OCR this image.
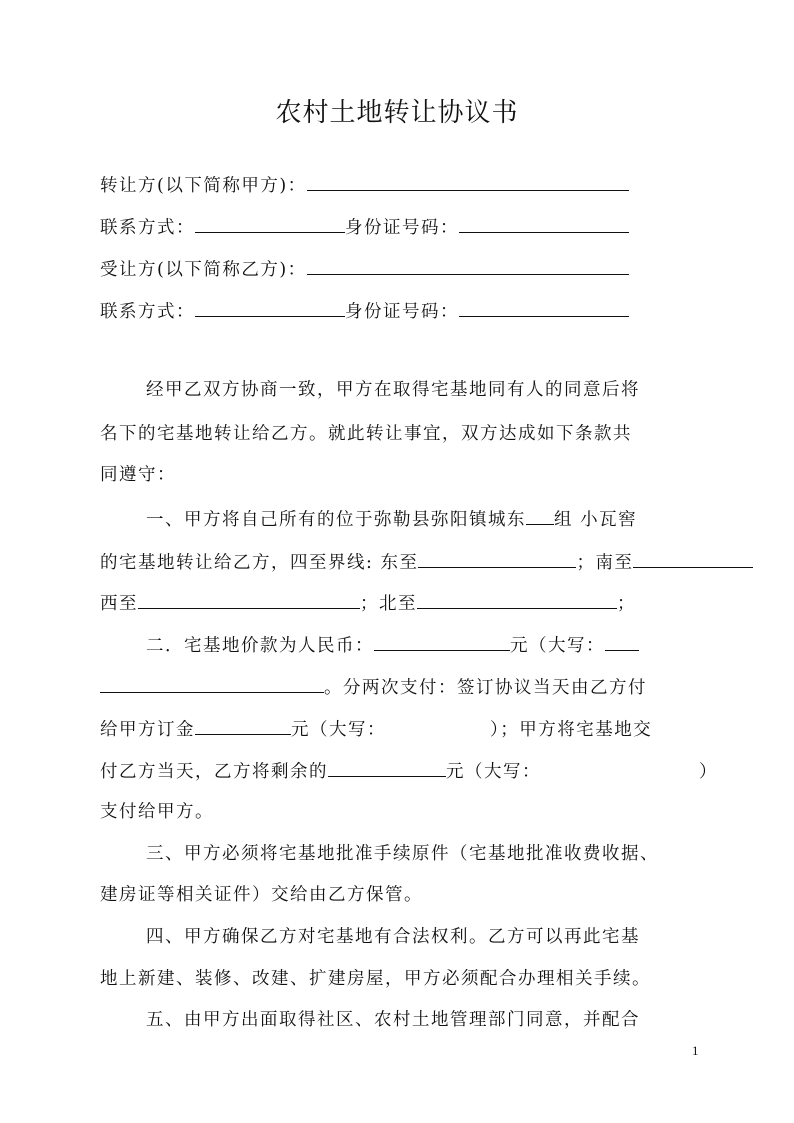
农村土地转让协议书
转让方(以下简称甲方)：
联系方式：	身份证号码：
受让方(以下简称乙方)：
联系方式：	身份证号码：
经甲乙双方协商一致，甲方在取得宅基地同有人的同意后将
名下的宅基地转让给乙方。就此转让事宜，双方达成如下条款共
同遵守：
一、甲方将自己所有的位于弥勒县弥阳镇城东 组 小瓦窖
的宅基地转让给乙方，四至界线: 东至	；南至
西至	；北至	；
二．宅基地价款为人民币：	元（大写：
。分两次支付：签订协议当天由乙方付
给甲方订金	元（大写：	）；甲方将宅基地交
付乙方当天，乙方将剩余的	元（大写：	）
支付给甲方。
三、甲方必须将宅基地批准手续原件（宅基地批准收费收据、
建房证等相关证件）交给由乙方保管。
四、甲方确保乙方对宅基地有合法权利。乙方可以再此宅基
地上新建、装修、改建、扩建房屋，甲方必须配合办理相关手续。
五、由甲方出面取得社区、农村土地管理部门同意，并配合
1
